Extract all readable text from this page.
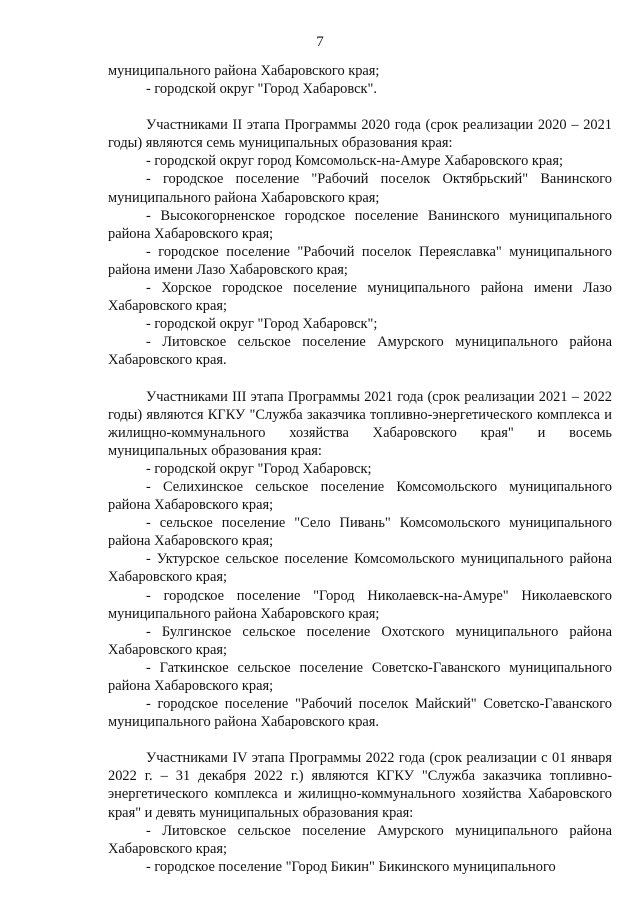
7

муниципального района Хабаровского края;

- городской округ "Город Хабаровск".

Участниками II этапа Программы 2020 года (срок реализации 2020 – 2021 годы) являются семь муниципальных образования края:

- городской округ город Комсомольск-на-Амуре Хабаровского края;

- городское поселение "Рабочий поселок Октябрьский" Ванинского муниципального района Хабаровского края;

- Высокогорненское городское поселение Ванинского муниципального района Хабаровского края;

- городское поселение "Рабочий поселок Переяславка" муниципального района имени Лазо Хабаровского края;

- Хорское городское поселение муниципального района имени Лазо Хабаровского края;

- городской округ "Город Хабаровск";

- Литовское сельское поселение Амурского муниципального района Хабаровского края.

Участниками III этапа Программы 2021 года (срок реализации 2021 – 2022 годы) являются КГКУ "Служба заказчика топливно-энергетического комплекса и жилищно-коммунального хозяйства Хабаровского края" и восемь муниципальных образования края:

- городской округ "Город Хабаровск;

- Селихинское сельское поселение Комсомольского муниципального района Хабаровского края;

- сельское поселение "Село Пивань" Комсомольского муниципального района Хабаровского края;

- Уктурское сельское поселение Комсомольского муниципального района Хабаровского края;

- городское поселение "Город Николаевск-на-Амуре" Николаевского муниципального района Хабаровского края;

- Булгинское сельское поселение Охотского муниципального района Хабаровского края;

- Гаткинское сельское поселение Советско-Гаванского муниципального района Хабаровского края;

- городское поселение "Рабочий поселок Майский" Советско-Гаванского муниципального района Хабаровского края.

Участниками IV этапа Программы 2022 года (срок реализации с 01 января 2022 г. – 31 декабря 2022 г.) являются КГКУ "Служба заказчика топливно-энергетического комплекса и жилищно-коммунального хозяйства Хабаровского края" и девять муниципальных образования края:

- Литовское сельское поселение Амурского муниципального района Хабаровского края;

- городское поселение "Город Бикин" Бикинского муниципального
